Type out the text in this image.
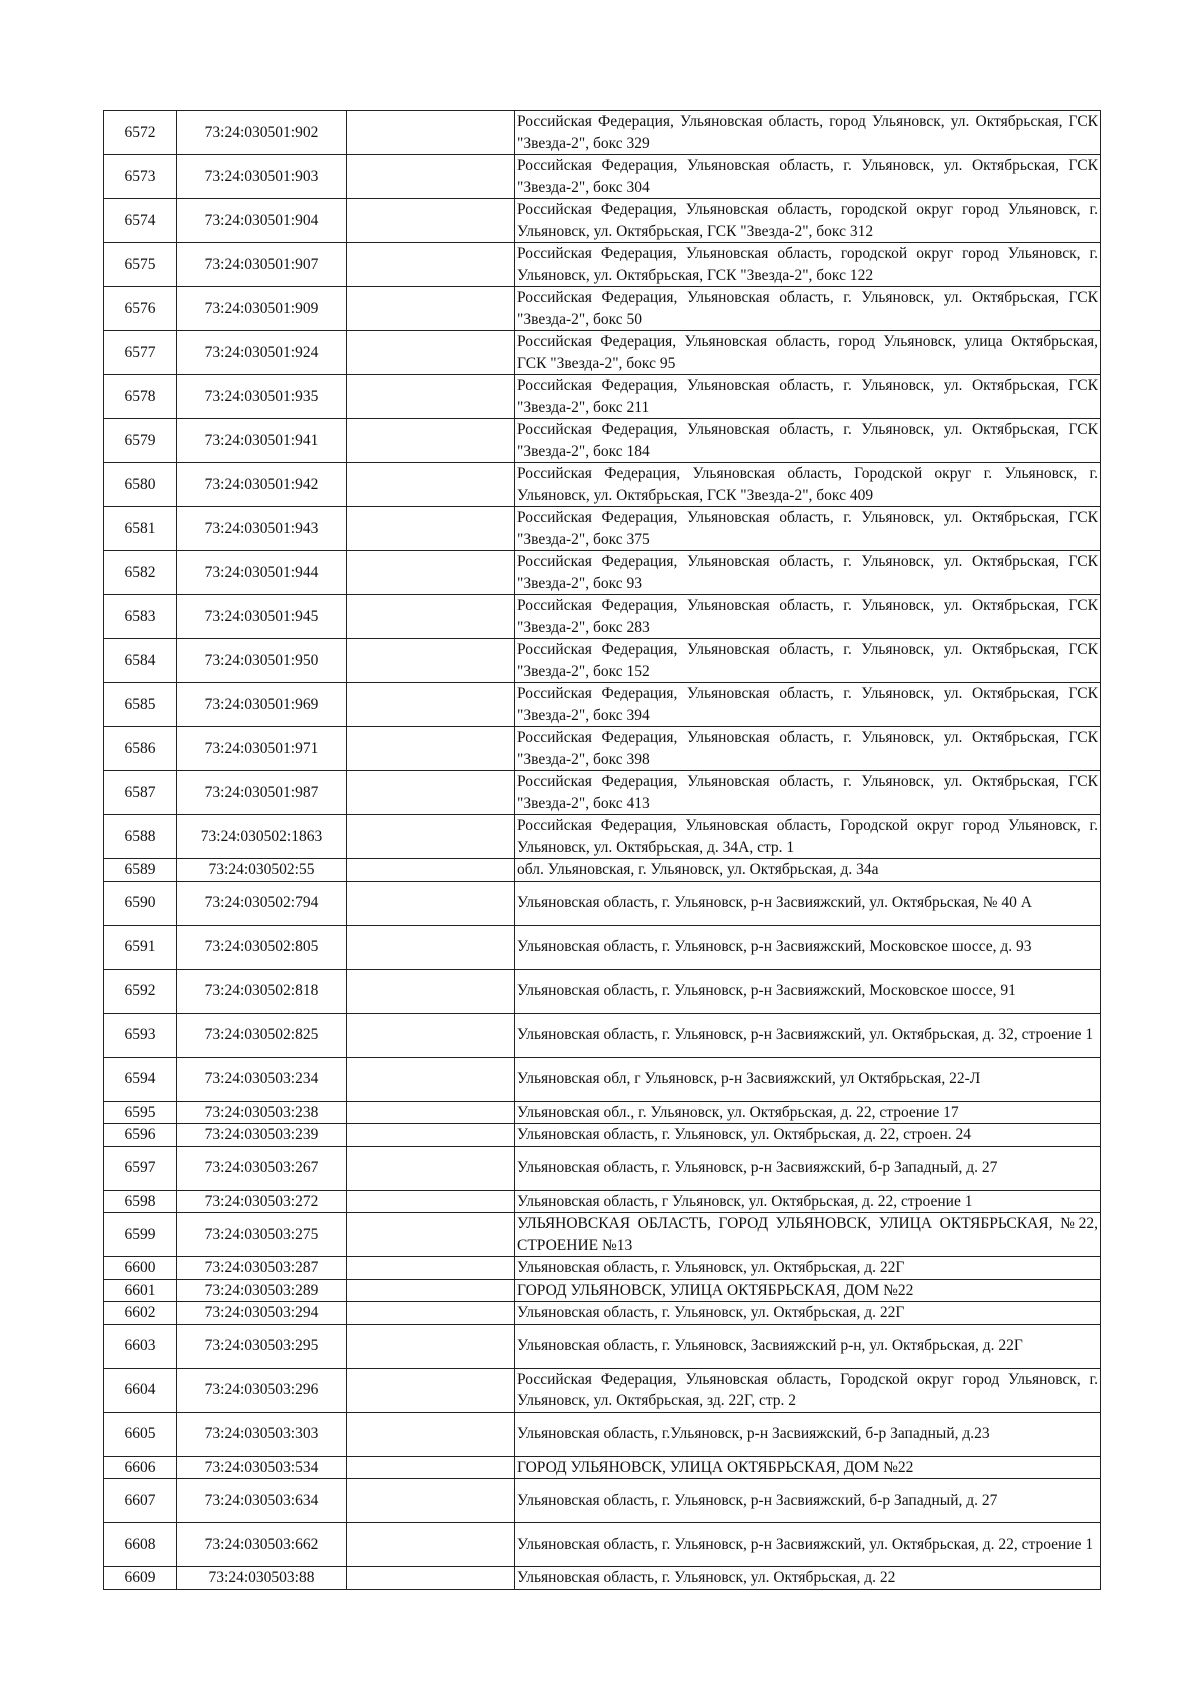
6572	73:24:030501:902		Российская Федерация, Ульяновская область, город Ульяновск, ул. Октябрьская, ГСК "Звезда-2", бокс 329
6573	73:24:030501:903		Российская Федерация, Ульяновская область, г. Ульяновск, ул. Октябрьская, ГСК "Звезда-2", бокс 304
6574	73:24:030501:904		Российская Федерация, Ульяновская область, городской округ город Ульяновск, г. Ульяновск, ул. Октябрьская, ГСК "Звезда-2", бокс 312
6575	73:24:030501:907		Российская Федерация, Ульяновская область, городской округ город Ульяновск, г. Ульяновск, ул. Октябрьская, ГСК "Звезда-2", бокс 122
6576	73:24:030501:909		Российская Федерация, Ульяновская область, г. Ульяновск, ул. Октябрьская, ГСК "Звезда-2", бокс 50
6577	73:24:030501:924		Российская Федерация, Ульяновская область, город Ульяновск, улица Октябрьская, ГСК "Звезда-2", бокс 95
6578	73:24:030501:935		Российская Федерация, Ульяновская область, г. Ульяновск, ул. Октябрьская, ГСК "Звезда-2", бокс 211
6579	73:24:030501:941		Российская Федерация, Ульяновская область, г. Ульяновск, ул. Октябрьская, ГСК "Звезда-2", бокс 184
6580	73:24:030501:942		Российская Федерация, Ульяновская область, Городской округ г. Ульяновск, г. Ульяновск, ул. Октябрьская, ГСК "Звезда-2", бокс 409
6581	73:24:030501:943		Российская Федерация, Ульяновская область, г. Ульяновск, ул. Октябрьская, ГСК "Звезда-2", бокс 375
6582	73:24:030501:944		Российская Федерация, Ульяновская область, г. Ульяновск, ул. Октябрьская, ГСК "Звезда-2", бокс 93
6583	73:24:030501:945		Российская Федерация, Ульяновская область, г. Ульяновск, ул. Октябрьская, ГСК "Звезда-2", бокс 283
6584	73:24:030501:950		Российская Федерация, Ульяновская область, г. Ульяновск, ул. Октябрьская, ГСК "Звезда-2", бокс 152
6585	73:24:030501:969		Российская Федерация, Ульяновская область, г. Ульяновск, ул. Октябрьская, ГСК "Звезда-2", бокс 394
6586	73:24:030501:971		Российская Федерация, Ульяновская область, г. Ульяновск, ул. Октябрьская, ГСК "Звезда-2", бокс 398
6587	73:24:030501:987		Российская Федерация, Ульяновская область, г. Ульяновск, ул. Октябрьская, ГСК "Звезда-2", бокс 413
6588	73:24:030502:1863		Российская Федерация, Ульяновская область, Городской округ город Ульяновск, г. Ульяновск, ул. Октябрьская, д. 34А, стр. 1
6589	73:24:030502:55		обл. Ульяновская, г. Ульяновск, ул. Октябрьская, д. 34а
6590	73:24:030502:794		Ульяновская область, г. Ульяновск, р-н Засвияжский, ул. Октябрьская, № 40 А
6591	73:24:030502:805		Ульяновская область, г. Ульяновск, р-н Засвияжский, Московское шоссе, д. 93
6592	73:24:030502:818		Ульяновская область, г. Ульяновск, р-н Засвияжский, Московское шоссе, 91
6593	73:24:030502:825		Ульяновская область, г. Ульяновск, р-н Засвияжский, ул. Октябрьская, д. 32, строение 1
6594	73:24:030503:234		Ульяновская обл, г Ульяновск, р-н Засвияжский, ул Октябрьская, 22-Л
6595	73:24:030503:238		Ульяновская обл., г. Ульяновск, ул. Октябрьская, д. 22, строение 17
6596	73:24:030503:239		Ульяновская область, г. Ульяновск, ул. Октябрьская, д. 22, строен. 24
6597	73:24:030503:267		Ульяновская область, г. Ульяновск, р-н Засвияжский, б-р Западный, д. 27
6598	73:24:030503:272		Ульяновская область, г Ульяновск, ул. Октябрьская, д. 22, строение 1
6599	73:24:030503:275		УЛЬЯНОВСКАЯ ОБЛАСТЬ, ГОРОД УЛЬЯНОВСК, УЛИЦА ОКТЯБРЬСКАЯ, №22, СТРОЕНИЕ №13
6600	73:24:030503:287		Ульяновская область, г. Ульяновск, ул. Октябрьская, д. 22Г
6601	73:24:030503:289		ГОРОД УЛЬЯНОВСК, УЛИЦА ОКТЯБРЬСКАЯ, ДОМ №22
6602	73:24:030503:294		Ульяновская область, г. Ульяновск, ул. Октябрьская, д. 22Г
6603	73:24:030503:295		Ульяновская область, г. Ульяновск, Засвияжский р-н, ул. Октябрьская, д. 22Г
6604	73:24:030503:296		Российская Федерация, Ульяновская область, Городской округ город Ульяновск, г. Ульяновск, ул. Октябрьская, зд. 22Г, стр. 2
6605	73:24:030503:303		Ульяновская область, г.Ульяновск, р-н Засвияжский, б-р Западный, д.23
6606	73:24:030503:534		ГОРОД УЛЬЯНОВСК, УЛИЦА ОКТЯБРЬСКАЯ, ДОМ №22
6607	73:24:030503:634		Ульяновская область, г. Ульяновск, р-н Засвияжский, б-р Западный, д. 27
6608	73:24:030503:662		Ульяновская область, г. Ульяновск, р-н Засвияжский, ул. Октябрьская, д. 22, строение 1
6609	73:24:030503:88		Ульяновская область, г. Ульяновск, ул. Октябрьская, д. 22
